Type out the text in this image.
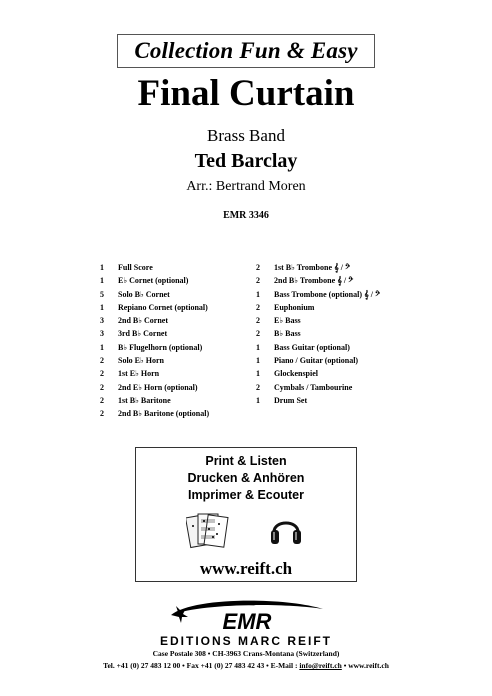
Collection Fun & Easy
Final Curtain
Brass Band
Ted Barclay
Arr.: Bertrand Moren
EMR 3346
1	Full Score
1	E♭ Cornet (optional)
5	Solo B♭ Cornet
1	Repiano Cornet (optional)
3	2nd B♭ Cornet
3	3rd B♭ Cornet
1	B♭ Flugelhorn (optional)
2	Solo E♭ Horn
2	1st E♭ Horn
2	2nd E♭ Horn (optional)
2	1st B♭ Baritone
2	2nd B♭ Baritone (optional)
2	1st B♭ Trombone 𝄞 / 𝄢
2	2nd B♭ Trombone 𝄞 / 𝄢
1	Bass Trombone (optional) 𝄞 / 𝄢
2	Euphonium
2	E♭ Bass
2	B♭ Bass
1	Bass Guitar (optional)
1	Piano / Guitar (optional)
1	Glockenspiel
2	Cymbals / Tambourine
1	Drum Set
Print & Listen
Drucken & Anhören
Imprimer & Ecouter
www.reift.ch
EMR
EDITIONS MARC REIFT
Case Postale 308 • CH-3963 Crans-Montana (Switzerland)
Tel. +41 (0) 27 483 12 00 • Fax +41 (0) 27 483 42 43 • E-Mail : info@reift.ch • www.reift.ch
